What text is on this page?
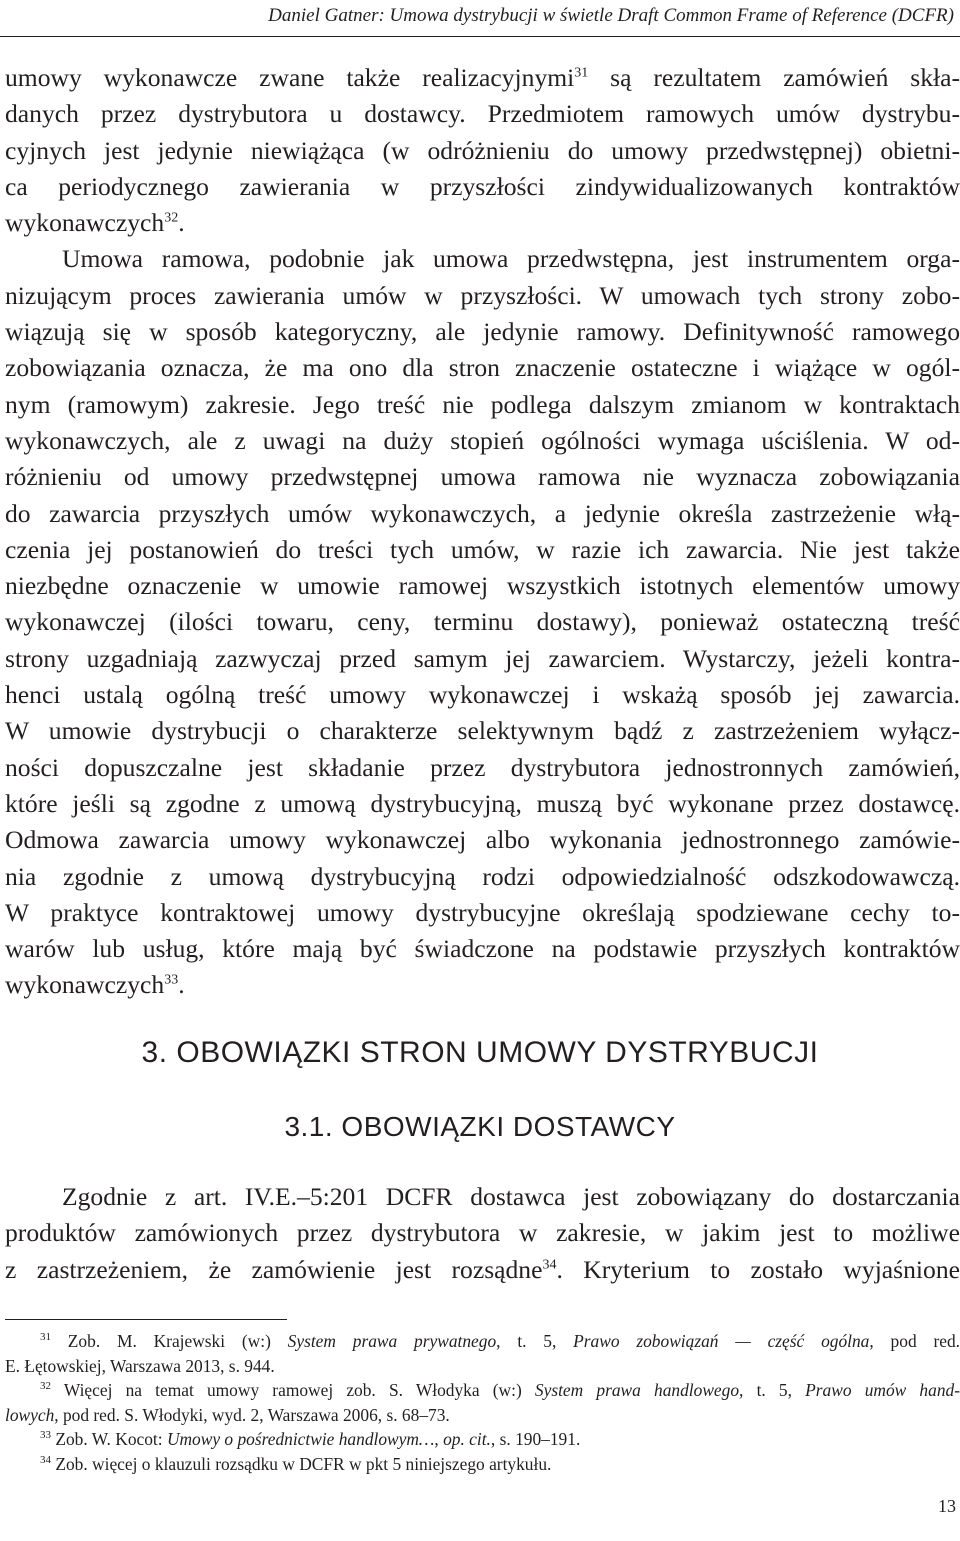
Daniel Gatner: Umowa dystrybucji w świetle Draft Common Frame of Reference (DCFR)
umowy wykonawcze zwane także realizacyjnymi$^{31}$ są rezultatem zamówień skła-
danych przez dystrybutora u dostawcy. Przedmiotem ramowych umów dystrybu-
cyjnych jest jedynie niewiążąca (w odróżnieniu do umowy przedwstępnej) obietni-
ca periodycznego zawierania w przyszłości zindywidualizowanych kontraktów
wykonawczych$^{32}$.
Umowa ramowa, podobnie jak umowa przedwstępna, jest instrumentem orga-
nizującym proces zawierania umów w przyszłości. W umowach tych strony zobo-
wiązują się w sposób kategoryczny, ale jedynie ramowy. Definitywność ramowego
zobowiązania oznacza, że ma ono dla stron znaczenie ostateczne i wiążące w ogól-
nym (ramowym) zakresie. Jego treść nie podlega dalszym zmianom w kontraktach
wykonawczych, ale z uwagi na duży stopień ogólności wymaga uściślenia. W od-
różnieniu od umowy przedwstępnej umowa ramowa nie wyznacza zobowiązania
do zawarcia przyszłych umów wykonawczych, a jedynie określa zastrzeżenie włą-
czenia jej postanowień do treści tych umów, w razie ich zawarcia. Nie jest także
niezbędne oznaczenie w umowie ramowej wszystkich istotnych elementów umowy
wykonawczej (ilości towaru, ceny, terminu dostawy), ponieważ ostateczną treść
strony uzgadniają zazwyczaj przed samym jej zawarciem. Wystarczy, jeżeli kontra-
henci ustalą ogólną treść umowy wykonawczej i wskażą sposób jej zawarcia.
W umowie dystrybucji o charakterze selektywnym bądź z zastrzeżeniem wyłącz-
ności dopuszczalne jest składanie przez dystrybutora jednostronnych zamówień,
które jeśli są zgodne z umową dystrybucyjną, muszą być wykonane przez dostawcę.
Odmowa zawarcia umowy wykonawczej albo wykonania jednostronnego zamówie-
nia zgodnie z umową dystrybucyjną rodzi odpowiedzialność odszkodowawczą.
W praktyce kontraktowej umowy dystrybucyjne określają spodziewane cechy to-
warów lub usług, które mają być świadczone na podstawie przyszłych kontraktów
wykonawczych$^{33}$.
3. OBOWIĄZKI STRON UMOWY DYSTRYBUCJI
3.1. OBOWIĄZKI DOSTAWCY
Zgodnie z art. IV.E.–5:201 DCFR dostawca jest zobowiązany do dostarczania
produktów zamówionych przez dystrybutora w zakresie, w jakim jest to możliwe
z zastrzeżeniem, że zamówienie jest rozsądne$^{34}$. Kryterium to zostało wyjaśnione
$^{31}$ Zob. M. Krajewski (w:) System prawa prywatnego, t. 5, Prawo zobowiązań — część ogólna, pod red.
E. Łętowskiej, Warszawa 2013, s. 944.
$^{32}$ Więcej na temat umowy ramowej zob. S. Włodyka (w:) System prawa handlowego, t. 5, Prawo umów hand-
lowych, pod red. S. Włodyki, wyd. 2, Warszawa 2006, s. 68–73.
$^{33}$ Zob. W. Kocot: Umowy o pośrednictwie handlowym…, op. cit., s. 190–191.
$^{34}$ Zob. więcej o klauzuli rozsądku w DCFR w pkt 5 niniejszego artykułu.
13
